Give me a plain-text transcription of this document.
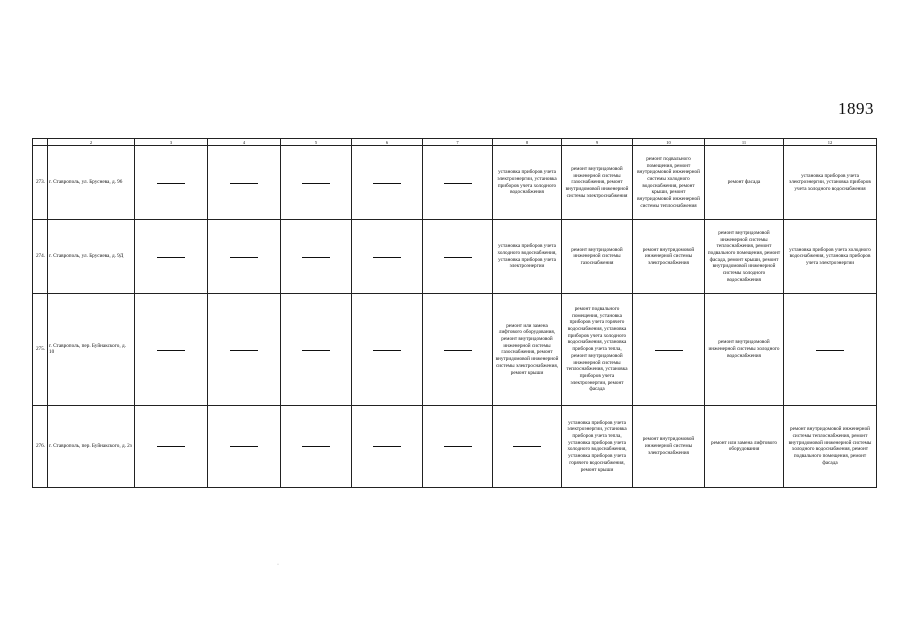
1893
	2	3	4	5	6	7	8	9	10	11	12
273.	г. Ставрополь, ул. Бруснева, д. 96						установка приборов учета электроэнергии, установка приборов учета холодного водоснабжения	ремонт внутридомовой инженерной системы газоснабжения, ремонт внутридомовой инженерной системы электроснабжения	ремонт подвального помещения, ремонт внутридомовой инженерной системы холодного водоснабжения, ремонт крыши, ремонт внутридомовой инженерной системы теплоснабжения	ремонт фасада	установка приборов учета электроэнергии, установка приборов учета холодного водоснабжения
274.	г. Ставрополь, ул. Брусиева, д. 9Д						установка приборов учета холодного водоснабжения, установка приборов учета электроэнергии	ремонт внутридомовой инженерной системы газоснабжения	ремонт внутридомовой инженерной системы электроснабжения	ремонт внутридомовой инженерной системы теплоснабжения, ремонт подвального помещения, ремонт фасада, ремонт крыши, ремонт внутридомовой инженерной системы холодного водоснабжения	установка приборов учета холодного водоснабжения, установка приборов учета электроэнергии
275.	г. Ставрополь, пер. Буйнакского, д. 10						ремонт или замена лифтового оборудования, ремонт внутридомовой инженерной системы газоснабжения, ремонт внутридомовой инженерной системы электроснабжения, ремонт крыши	ремонт подвального помещения, установка приборов учета горячего водоснабжения, установка приборов учета холодного водоснабжения, установка приборов учета тепла, ремонт внутридомовой инженерной системы теплоснабжения, установка приборов учета электроэнергии, ремонт фасада		ремонт внутридомовой инженерной системы холодного водоснабжения	
276.	г. Ставрополь, пер. Буйнакского, д. 2з							установка приборов учета электроэнергии, установка приборов учета тепла, установка приборов учета холодного водоснабжения, установка приборов учета горячего водоснабжения, ремонт крыши	ремонт внутридомовой инженерной системы электроснабжения	ремонт или замена лифтового оборудования	ремонт внутридомовой инженерной системы теплоснабжения, ремонт внутридомовой инженерной системы холодного водоснабжения, ремонт подвального помещения, ремонт фасада
·
